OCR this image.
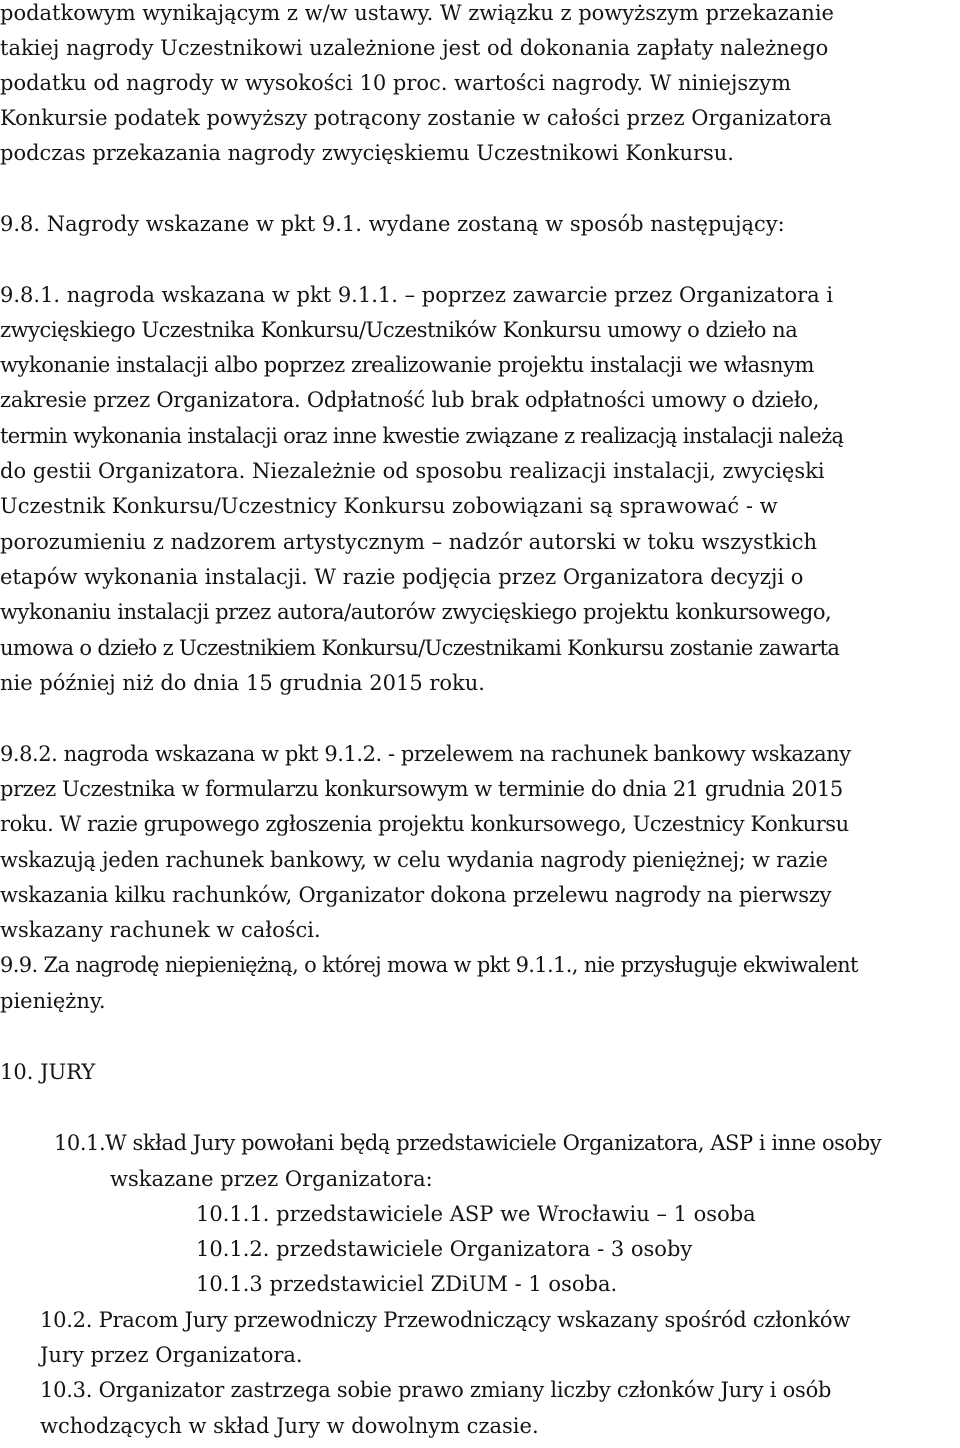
podatkowym wynikającym z w/w ustawy. W związku z powyższym przekazanie
takiej nagrody Uczestnikowi uzależnione jest od dokonania zapłaty należnego
podatku od nagrody w wysokości 10 proc. wartości nagrody. W niniejszym
Konkursie podatek powyższy potrącony zostanie w całości przez Organizatora
podczas przekazania nagrody zwycięskiemu Uczestnikowi Konkursu.
9.8. Nagrody wskazane w pkt 9.1. wydane zostaną w sposób następujący:
9.8.1. nagroda wskazana w pkt 9.1.1. – poprzez zawarcie przez Organizatora i
zwycięskiego Uczestnika Konkursu/Uczestników Konkursu umowy o dzieło na
wykonanie instalacji albo poprzez zrealizowanie projektu instalacji we własnym
zakresie przez Organizatora. Odpłatność lub brak odpłatności umowy o dzieło,
termin wykonania instalacji oraz inne kwestie związane z realizacją instalacji należą
do gestii Organizatora. Niezależnie od sposobu realizacji instalacji, zwycięski
Uczestnik Konkursu/Uczestnicy Konkursu zobowiązani są sprawować - w
porozumieniu z nadzorem artystycznym – nadzór autorski w toku wszystkich
etapów wykonania instalacji. W razie podjęcia przez Organizatora decyzji o
wykonaniu instalacji przez autora/autorów zwycięskiego projektu konkursowego,
umowa o dzieło z Uczestnikiem Konkursu/Uczestnikami Konkursu zostanie zawarta
nie później niż do dnia 15 grudnia 2015 roku.
9.8.2. nagroda wskazana w pkt 9.1.2. - przelewem na rachunek bankowy wskazany
przez Uczestnika w formularzu konkursowym w terminie do dnia 21 grudnia 2015
roku. W razie grupowego zgłoszenia projektu konkursowego, Uczestnicy Konkursu
wskazują jeden rachunek bankowy, w celu wydania nagrody pieniężnej; w razie
wskazania kilku rachunków, Organizator dokona przelewu nagrody na pierwszy
wskazany rachunek w całości.
9.9. Za nagrodę niepieniężną, o której mowa w pkt 9.1.1., nie przysługuje ekwiwalent
pieniężny.
10. JURY
10.1.W skład Jury powołani będą przedstawiciele Organizatora, ASP i inne osoby
wskazane przez Organizatora:
10.1.1. przedstawiciele ASP we Wrocławiu – 1 osoba
10.1.2. przedstawiciele Organizatora - 3 osoby
10.1.3 przedstawiciel ZDiUM - 1 osoba.
10.2. Pracom Jury przewodniczy Przewodniczący wskazany spośród członków
Jury przez Organizatora.
10.3. Organizator zastrzega sobie prawo zmiany liczby członków Jury i osób
wchodzących w skład Jury w dowolnym czasie.
